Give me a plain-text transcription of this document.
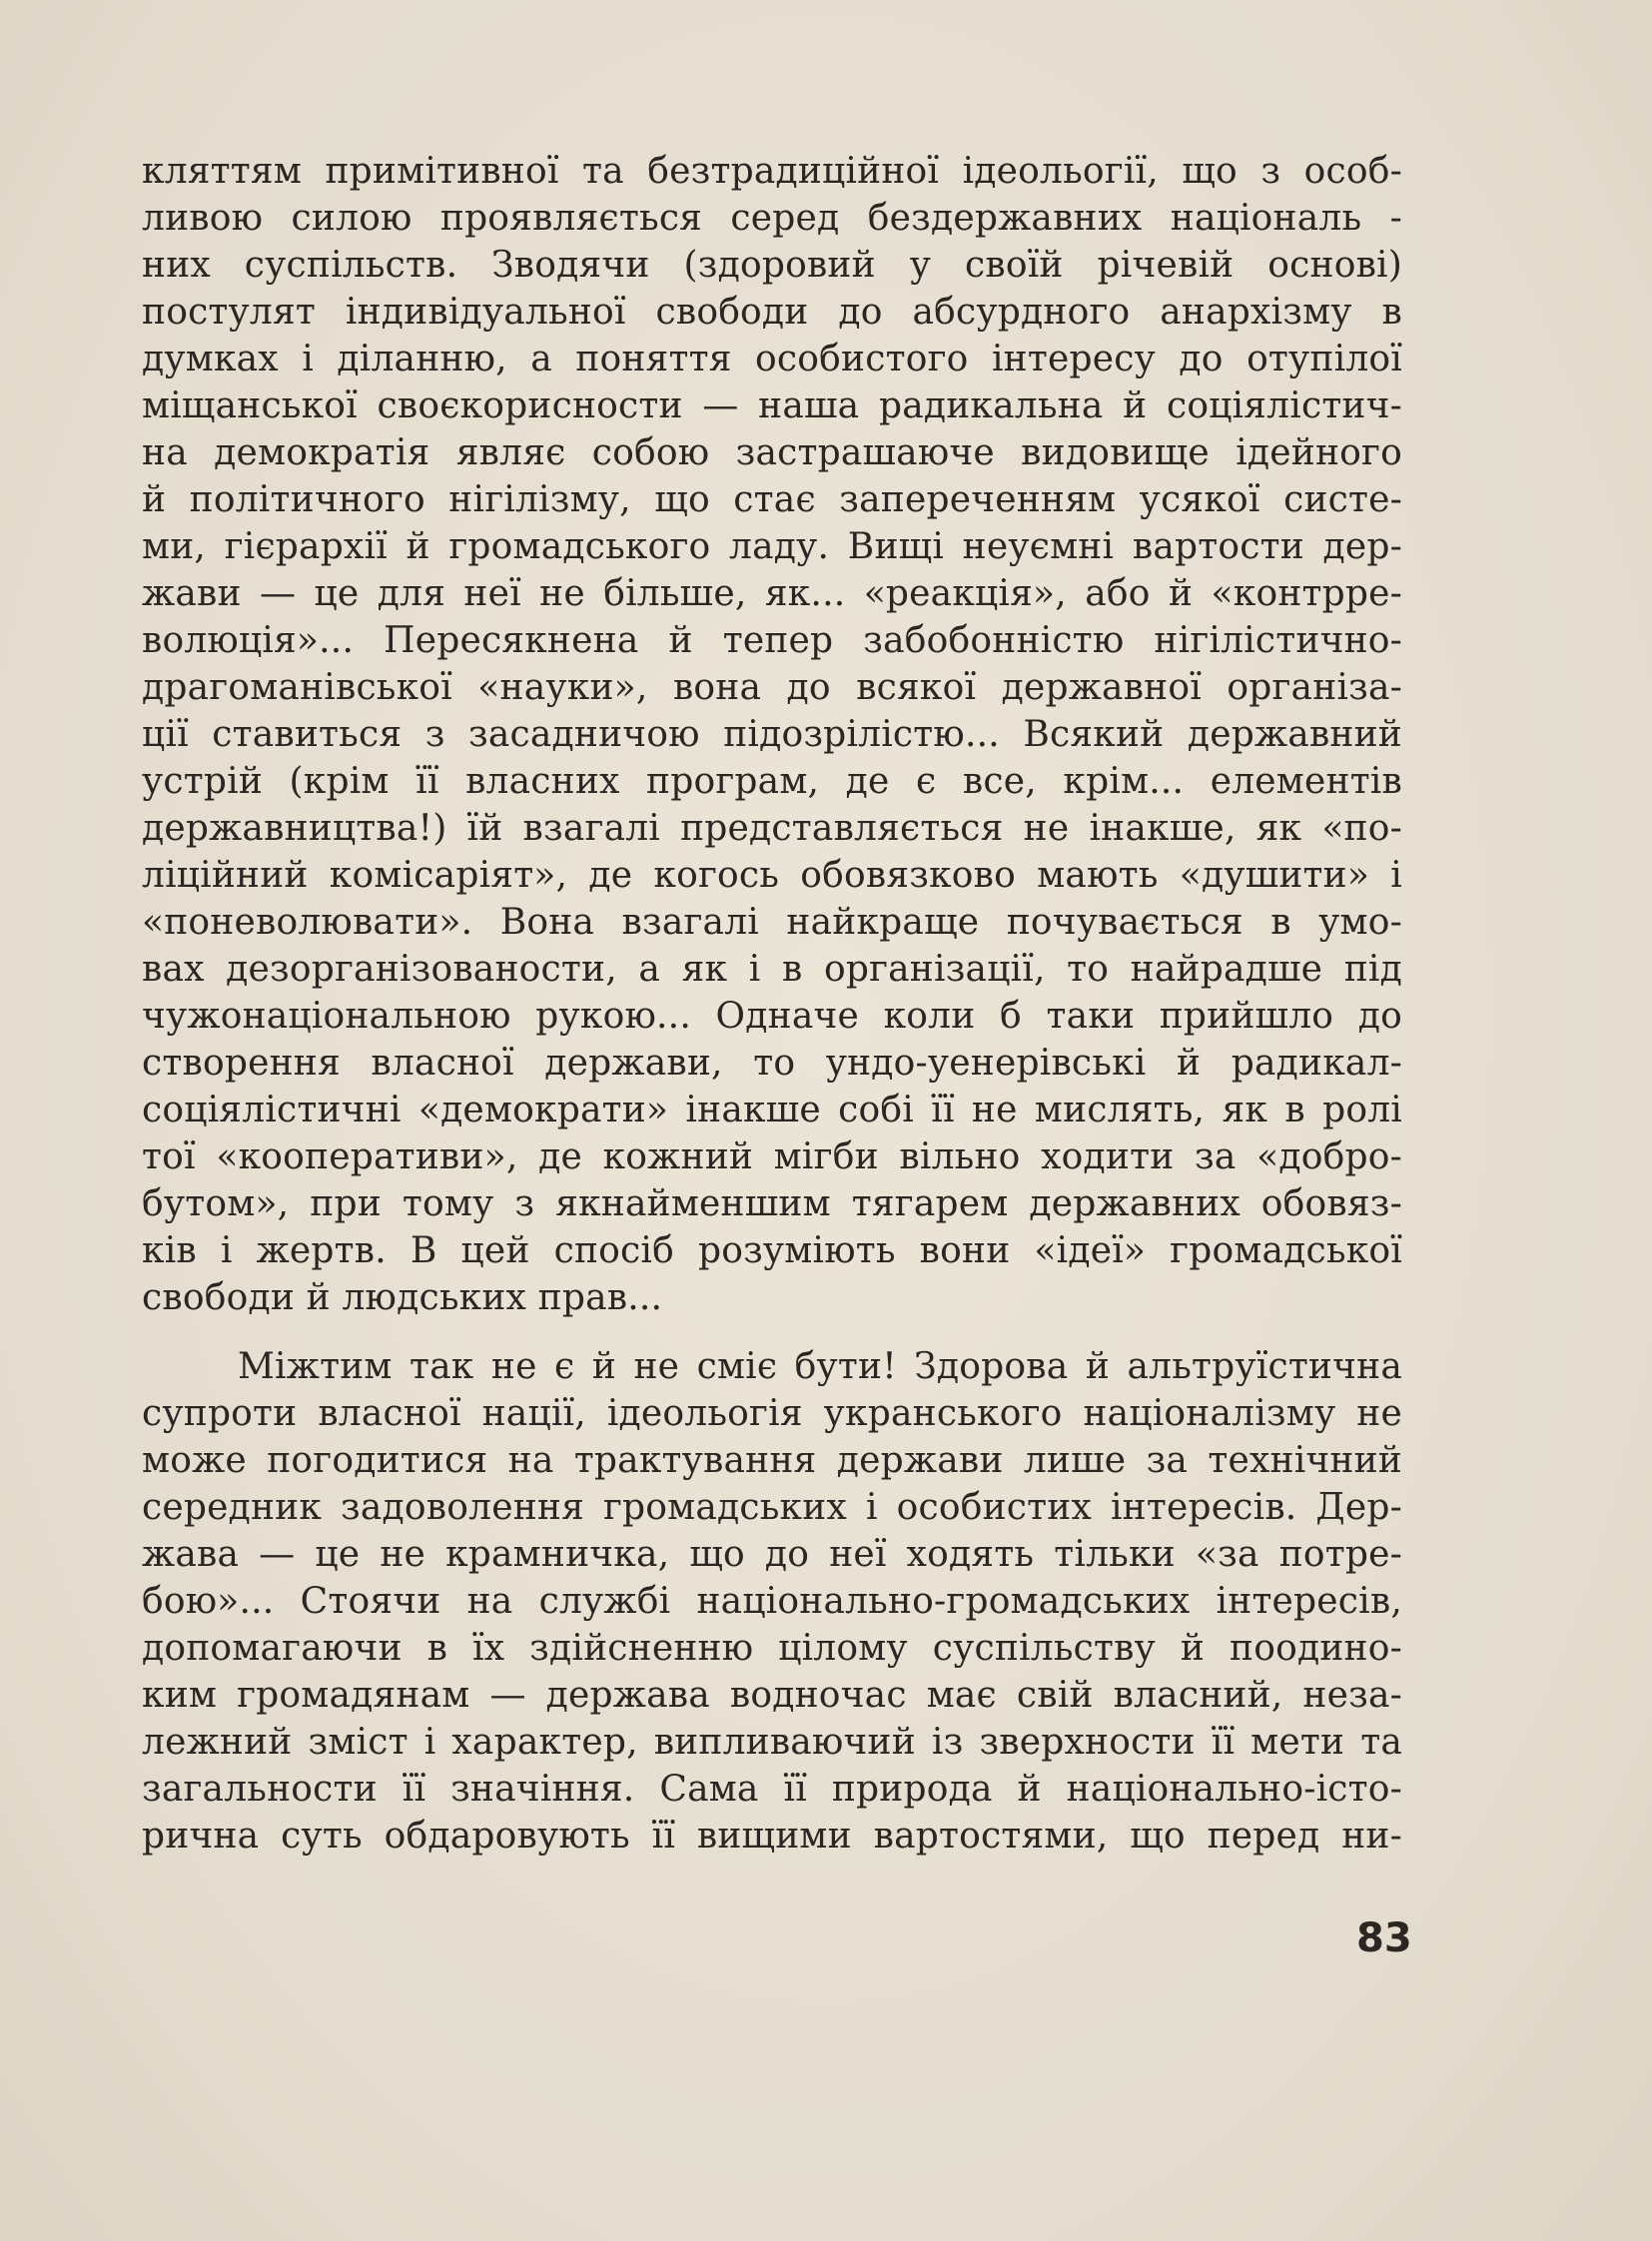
кляттям примітивної та безтрадиційної ідеольогії, що з особ-
ливою силою проявляється серед бездержавних національ -
них суспільств. Зводячи (здоровий у своїй річевій основі)
постулят індивідуальної свободи до абсурдного анархізму в
думках і діланню, а поняття особистого інтересу до отупілої
міщанської своєкорисности — наша радикальна й соціялістич-
на демократія являє собою застрашаюче видовище ідейного
й політичного нігілізму, що стає запереченням усякої систе-
ми, гієрархії й громадського ладу. Вищі неуємні вартости дер-
жави — це для неї не більше, як... «реакція», або й «контрре-
волюція»... Пересякнена й тепер забобонністю нігілістично-
драгоманівської «науки», вона до всякої державної організа-
ції ставиться з засадничою підозрілістю... Всякий державний
устрій (крім її власних програм, де є все, крім... елементів
державництва!) їй взагалі представляється не інакше, як «по-
ліційний комісаріят», де когось обовязково мають «душити» і
«поневолювати». Вона взагалі найкраще почувається в умо-
вах дезорганізованости, а як і в організації, то найрадше під
чужонаціональною рукою... Одначе коли б таки прийшло до
створення власної держави, то ундо-уенерівські й радикал-
соціялістичні «демократи» інакше собі її не мислять, як в ролі
тої «кооперативи», де кожний мігби вільно ходити за «добро-
бутом», при тому з якнайменшим тягарем державних обовяз-
ків і жертв. В цей спосіб розуміють вони «ідеї» громадської
свободи й людських прав...
Міжтим так не є й не сміє бути! Здорова й альтруїстична
супроти власної нації, ідеольогія укранського націоналізму не
може погодитися на трактування держави лише за технічний
середник задоволення громадських і особистих інтересів. Дер-
жава — це не крамничка, що до неї ходять тільки «за потре-
бою»... Стоячи на службі національно-громадських інтересів,
допомагаючи в їх здійсненню цілому суспільству й поодино-
ким громадянам — держава водночас має свій власний, неза-
лежний зміст і характер, випливаючий із зверхности її мети та
загальности її значіння. Сама її природа й національно-істо-
рична суть обдаровують її вищими вартостями, що перед ни-
83
